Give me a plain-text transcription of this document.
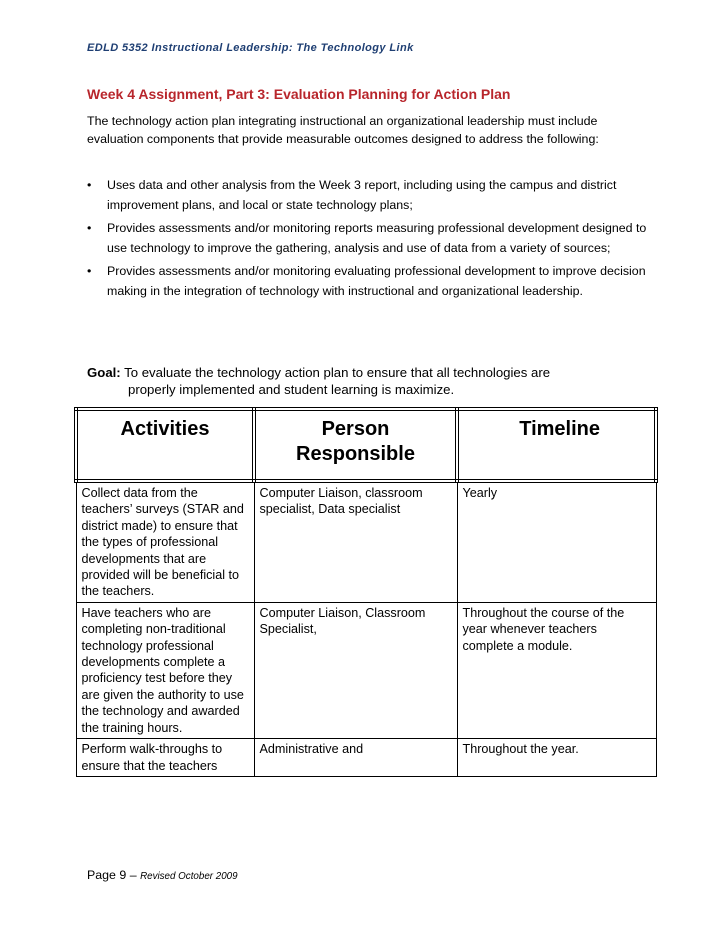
EDLD 5352 Instructional Leadership: The Technology Link
Week 4 Assignment, Part 3: Evaluation Planning for Action Plan
The technology action plan integrating instructional an organizational leadership must include evaluation components that provide measurable outcomes designed to address the following:
• Uses data and other analysis from the Week 3 report, including using the campus and district improvement plans, and local or state technology plans;
• Provides assessments and/or monitoring reports measuring professional development designed to use technology to improve the gathering, analysis and use of data from a variety of sources;
• Provides assessments and/or monitoring evaluating professional development to improve decision making in the integration of technology with instructional and organizational leadership.
Goal: To evaluate the technology action plan to ensure that all technologies are
properly implemented and student learning is maximize.
Activities	Person Responsible	Timeline
Collect data from the teachers’ surveys (STAR and district made) to ensure that the types of professional developments that are provided will be beneficial to the teachers.	Computer Liaison, classroom specialist, Data specialist	Yearly
Have teachers who are completing non-traditional technology professional developments complete a proficiency test before they are given the authority to use the technology and awarded the training hours.	Computer Liaison, Classroom Specialist,	Throughout the course of the year whenever teachers complete a module.
Perform walk-throughs to ensure that the teachers	Administrative and	Throughout the year.
Page 9 – Revised October 2009
